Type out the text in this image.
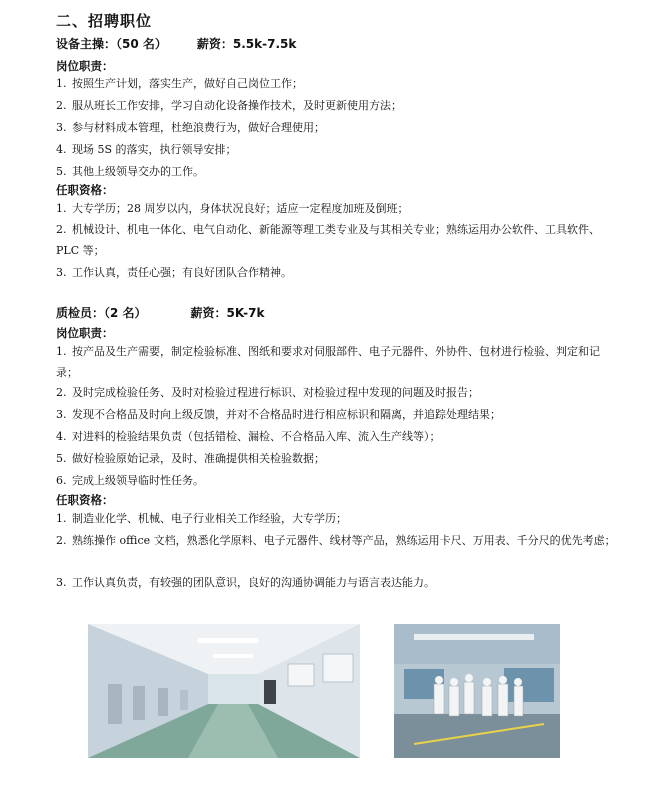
二、招聘职位
设备主操：（50 名）	薪资：5.5k-7.5k
岗位职责：
1. 按照生产计划，落实生产，做好自己岗位工作；
2. 服从班长工作安排，学习自动化设备操作技术，及时更新使用方法；
3. 参与材料成本管理，杜绝浪费行为，做好合理使用；
4. 现场 5S 的落实，执行领导安排；
5. 其他上级领导交办的工作。
任职资格：
1. 大专学历；28 周岁以内，身体状况良好；适应一定程度加班及倒班；
2. 机械设计、机电一体化、电气自动化、新能源等理工类专业及与其相关专业；熟练运用办公软件、工具软件、PLC 等；
3. 工作认真，责任心强；有良好团队合作精神。
质检员：（2 名）	薪资：5K-7k
岗位职责：
1. 按产品及生产需要，制定检验标准、图纸和要求对伺服部件、电子元器件、外协件、包材进行检验、判定和记录；
2. 及时完成检验任务、及时对检验过程进行标识、对检验过程中发现的问题及时报告；
3. 发现不合格品及时向上级反馈，并对不合格品时进行相应标识和隔离，并追踪处理结果；
4. 对进料的检验结果负责（包括错检、漏检、不合格品入库、流入生产线等）；
5. 做好检验原始记录，及时、准确提供相关检验数据；
6. 完成上级领导临时性任务。
任职资格：
1. 制造业化学、机械、电子行业相关工作经验，大专学历；
2. 熟练操作 office 文档，熟悉化学原料、电子元器件、线材等产品，熟练运用卡尺、万用表、千分尺的优先考虑；
3. 工作认真负责，有较强的团队意识，良好的沟通协调能力与语言表达能力。
